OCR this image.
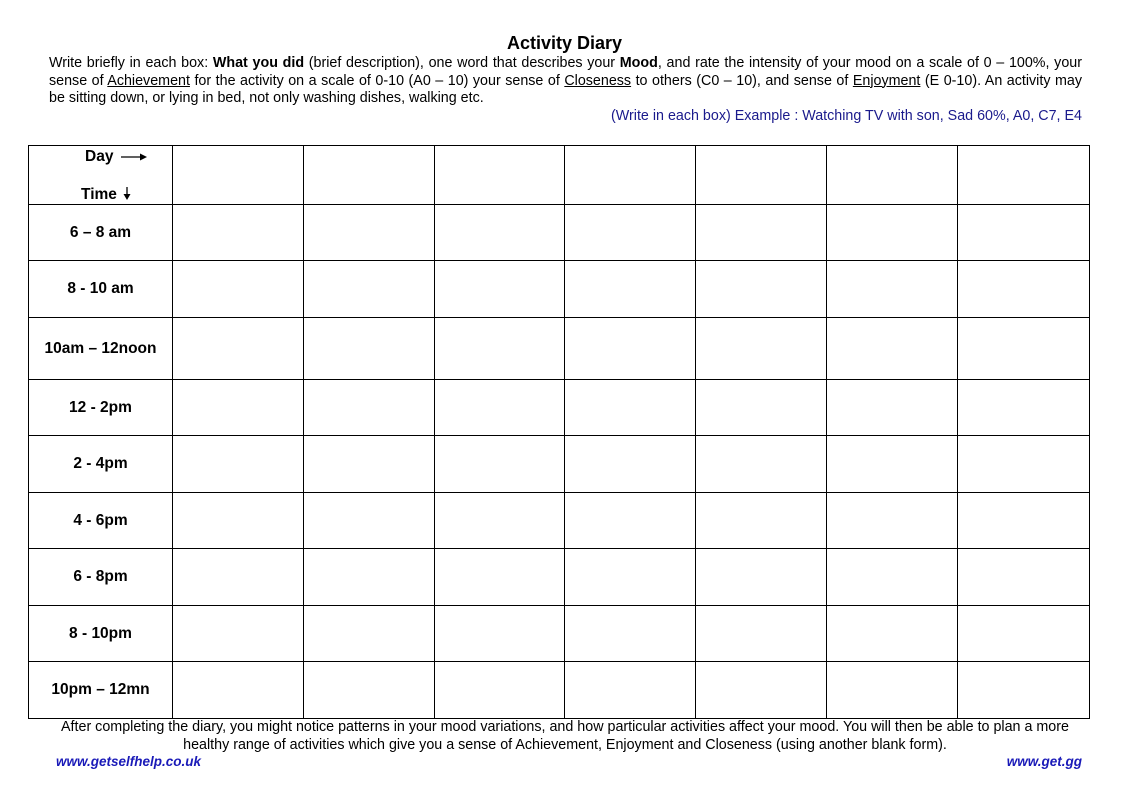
Activity Diary
Write briefly in each box: What you did (brief description), one word that describes your Mood, and rate the intensity of your mood on a scale of 0 – 100%, your sense of Achievement for the activity on a scale of 0-10 (A0 – 10) your sense of Closeness to others (C0 – 10), and sense of Enjoyment (E 0-10). An activity may be sitting down, or lying in bed, not only washing dishes, walking etc.
(Write in each box) Example : Watching TV with son, Sad 60%, A0, C7, E4
Day
Time							

6 – 8 am							
8 - 10 am							
10am – 12noon							
12 - 2pm							
2 - 4pm							
4 - 6pm							
6 - 8pm							
8 - 10pm							
10pm – 12mn							
After completing the diary, you might notice patterns in your mood variations, and how particular activities affect your mood. You will then be able to plan a more healthy range of activities which give you a sense of Achievement, Enjoyment and Closeness (using another blank form).
www.getselfhelp.co.uk	www.get.gg
